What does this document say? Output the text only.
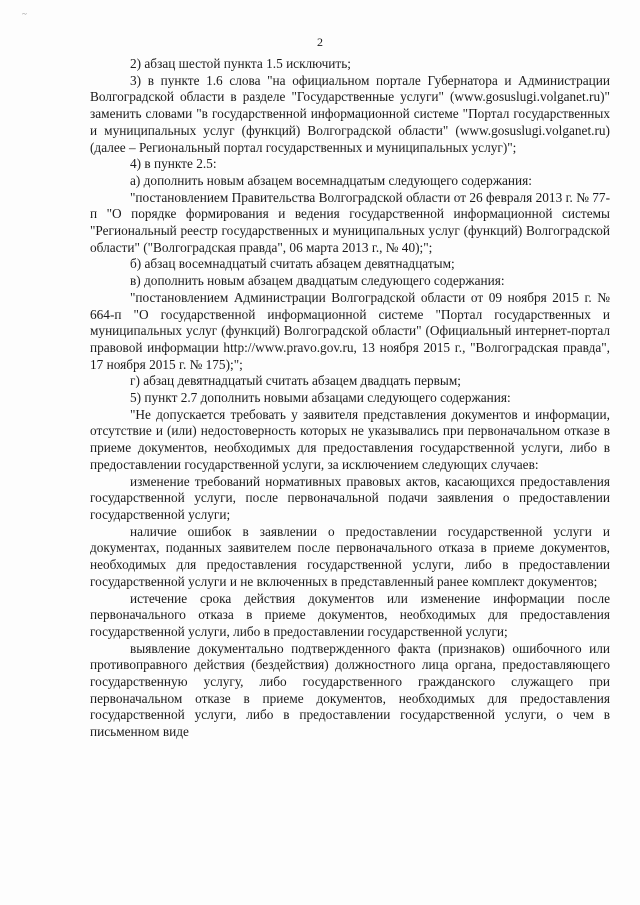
~
2

2) абзац шестой пункта 1.5 исключить;

3) в пункте 1.6 слова "на официальном портале Губернатора и Администрации Волгоградской области в разделе "Государственные услуги" (www.gosuslugi.volganet.ru)" заменить словами "в государственной информационной системе "Портал государственных и муниципальных услуг (функций) Волгоградской области" (www.gosuslugi.volganet.ru) (далее – Региональный портал государственных и муниципальных услуг)";

4) в пункте 2.5:

а) дополнить новым абзацем восемнадцатым следующего содержания:

"постановлением Правительства Волгоградской области от 26 февраля 2013 г. № 77-п "О порядке формирования и ведения государственной информационной системы "Региональный реестр государственных и муниципальных услуг (функций) Волгоградской области" ("Волгоградская правда", 06 марта 2013 г., № 40);";

б) абзац восемнадцатый считать абзацем девятнадцатым;

в) дополнить новым абзацем двадцатым следующего содержания:

"постановлением Администрации Волгоградской области от 09 ноября 2015 г. № 664-п "О государственной информационной системе "Портал государственных и муниципальных услуг (функций) Волгоградской области" (Официальный интернет-портал правовой информации http://www.pravo.gov.ru, 13 ноября 2015 г., "Волгоградская правда", 17 ноября 2015 г. № 175);";

г) абзац девятнадцатый считать абзацем двадцать первым;

5) пункт 2.7 дополнить новыми абзацами следующего содержания:

"Не допускается требовать у заявителя представления документов и информации, отсутствие и (или) недостоверность которых не указывались при первоначальном отказе в приеме документов, необходимых для предоставления государственной услуги, либо в предоставлении государственной услуги, за исключением следующих случаев:

изменение требований нормативных правовых актов, касающихся предоставления государственной услуги, после первоначальной подачи заявления о предоставлении государственной услуги;

наличие ошибок в заявлении о предоставлении государственной услуги и документах, поданных заявителем после первоначального отказа в приеме документов, необходимых для предоставления государственной услуги, либо в предоставлении государственной услуги и не включенных в представленный ранее комплект документов;

истечение срока действия документов или изменение информации после первоначального отказа в приеме документов, необходимых для предоставления государственной услуги, либо в предоставлении государственной услуги;

выявление документально подтвержденного факта (признаков) ошибочного или противоправного действия (бездействия) должностного лица органа, предоставляющего государственную услугу, либо государственного гражданского служащего при первоначальном отказе в приеме документов, необходимых для предоставления государственной услуги, либо в предоставлении государственной услуги, о чем в письменном виде
